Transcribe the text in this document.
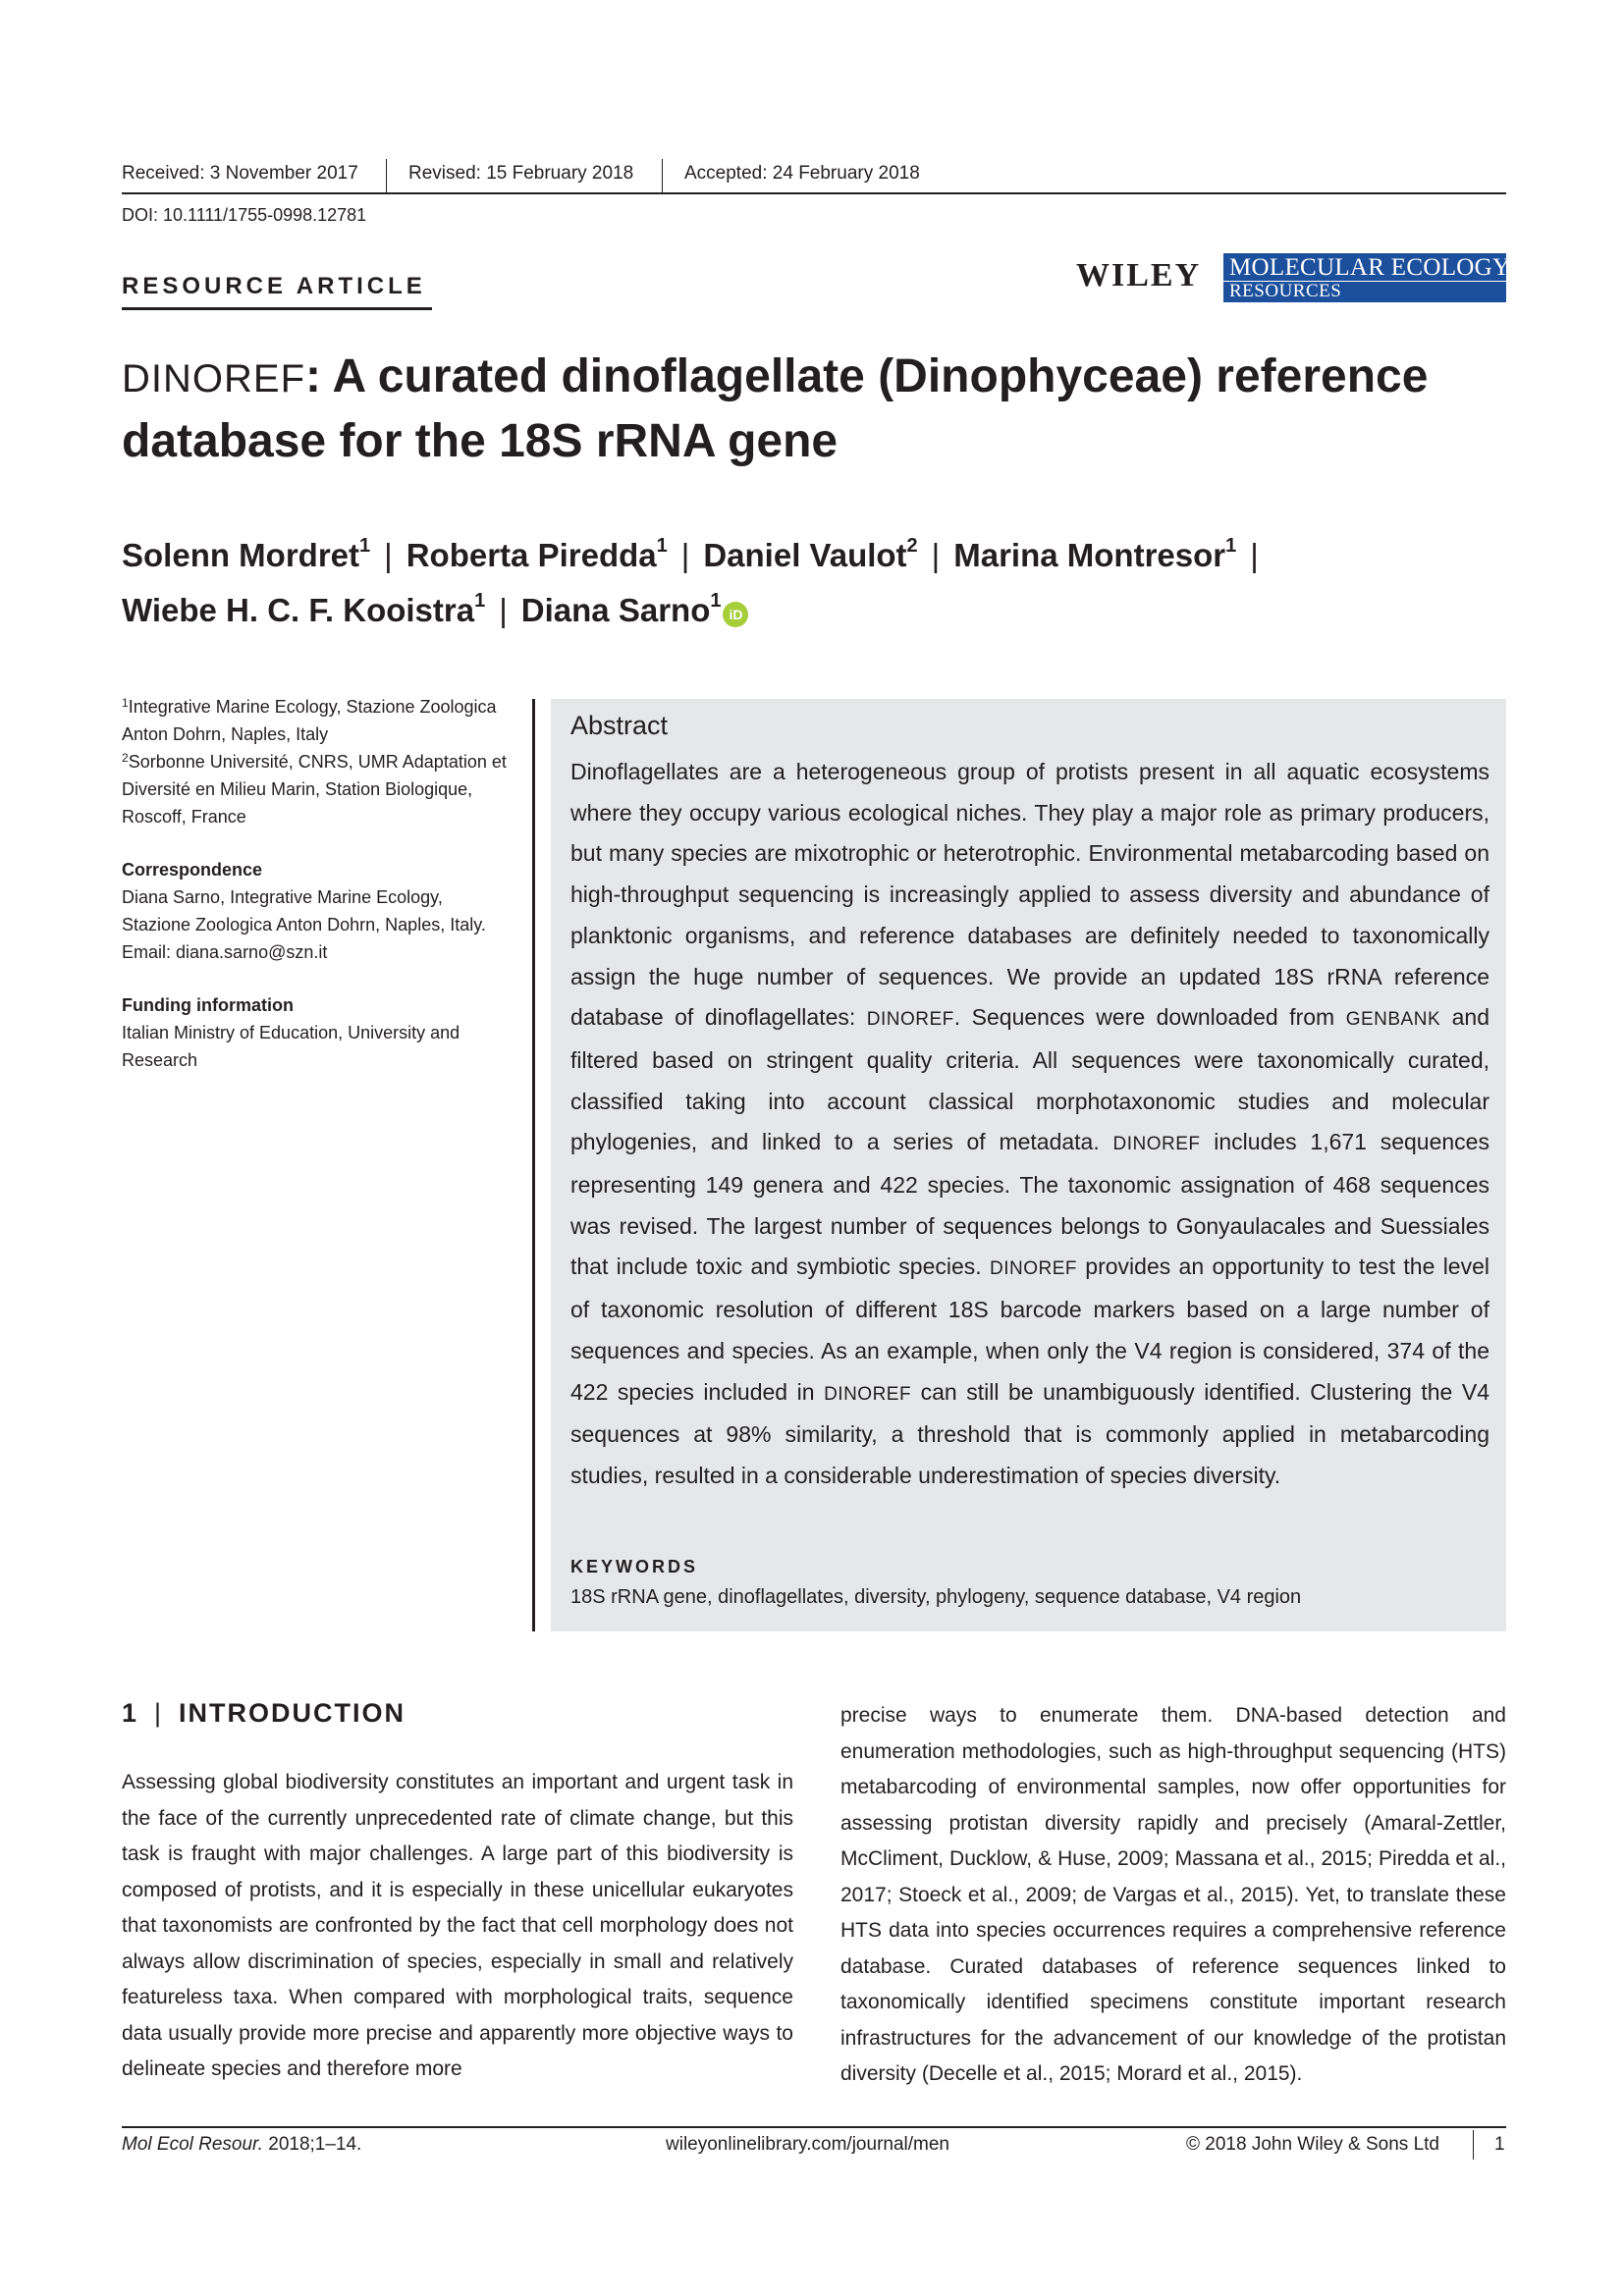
Received: 3 November 2017	Revised: 15 February 2018	Accepted: 24 February 2018
DOI: 10.1111/1755-0998.12781
RESOURCE ARTICLE	WILEY MOLECULAR ECOLOGY
RESOURCES
DINOREF: A curated dinoflagellate (Dinophyceae) reference database for the 18S rRNA gene
Solenn Mordret$^1$ | Roberta Piredda$^1$ | Daniel Vaulot$^2$ | Marina Montresor$^1$ |
Wiebe H. C. F. Kooistra$^1$ | Diana Sarno$^1$iD

$^1$Integrative Marine Ecology, Stazione Zoologica Anton Dohrn, Naples, Italy

$^2$Sorbonne Université, CNRS, UMR Adaptation et Diversité en Milieu Marin, Station Biologique, Roscoff, France

Correspondence

Diana Sarno, Integrative Marine Ecology, Stazione Zoologica Anton Dohrn, Naples, Italy.

Email: diana.sarno@szn.it

Funding information

Italian Ministry of Education, University and Research

Abstract
Dinoflagellates are a heterogeneous group of protists present in all aquatic ecosystems where they occupy various ecological niches. They play a major role as primary producers, but many species are mixotrophic or heterotrophic. Environmental metabarcoding based on high-throughput sequencing is increasingly applied to assess diversity and abundance of planktonic organisms, and reference databases are definitely needed to taxonomically assign the huge number of sequences. We provide an updated 18S rRNA reference database of dinoflagellates: DINOREF. Sequences were downloaded from GENBANK and filtered based on stringent quality criteria. All sequences were taxonomically curated, classified taking into account classical morphotaxonomic studies and molecular phylogenies, and linked to a series of metadata. DINOREF includes 1,671 sequences representing 149 genera and 422 species. The taxonomic assignation of 468 sequences was revised. The largest number of sequences belongs to Gonyaulacales and Suessiales that include toxic and symbiotic species. DINOREF provides an opportunity to test the level of taxonomic resolution of different 18S barcode markers based on a large number of sequences and species. As an example, when only the V4 region is considered, 374 of the 422 species included in DINOREF can still be unambiguously identified. Clustering the V4 sequences at 98% similarity, a threshold that is commonly applied in metabarcoding studies, resulted in a considerable underestimation of species diversity.
KEYWORDS
18S rRNA gene, dinoflagellates, diversity, phylogeny, sequence database, V4 region
1 | INTRODUCTION

Assessing global biodiversity constitutes an important and urgent task in the face of the currently unprecedented rate of climate change, but this task is fraught with major challenges. A large part of this biodiversity is composed of protists, and it is especially in these unicellular eukaryotes that taxonomists are confronted by the fact that cell morphology does not always allow discrimination of species, especially in small and relatively featureless taxa. When compared with morphological traits, sequence data usually provide more precise and apparently more objective ways to delineate species and therefore more

precise ways to enumerate them. DNA-based detection and enumeration methodologies, such as high-throughput sequencing (HTS) metabarcoding of environmental samples, now offer opportunities for assessing protistan diversity rapidly and precisely (Amaral-Zettler, McCliment, Ducklow, & Huse, 2009; Massana et al., 2015; Piredda et al., 2017; Stoeck et al., 2009; de Vargas et al., 2015). Yet, to translate these HTS data into species occurrences requires a comprehensive reference database. Curated databases of reference sequences linked to taxonomically identified specimens constitute important research infrastructures for the advancement of our knowledge of the protistan diversity (Decelle et al., 2015; Morard et al., 2015).

Mol Ecol Resour. 2018;1–14.	wileyonlinelibrary.com/journal/men	© 2018 John Wiley & Sons Ltd	1
